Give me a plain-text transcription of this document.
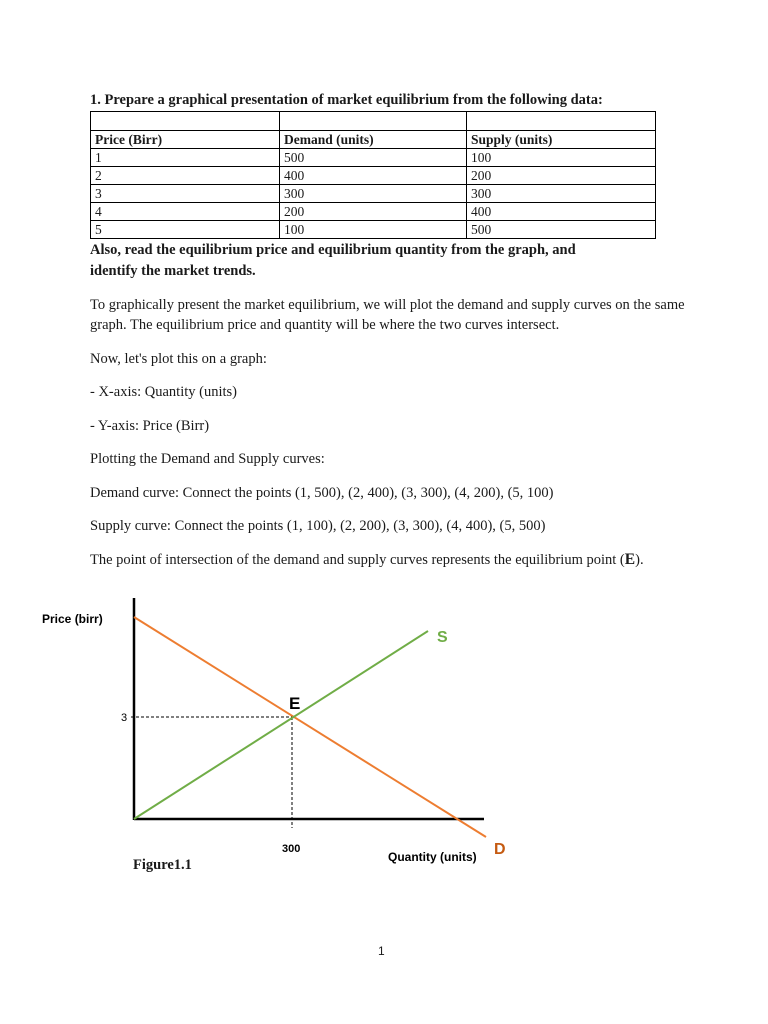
1. Prepare a graphical presentation of market equilibrium from the following data:

Price (Birr)	Demand (units)	Supply (units)
1	500	100
2	400	200
3	300	300
4	200	400
5	100	500
Also, read the equilibrium price and equilibrium quantity from the graph, and
identify the market trends.
To graphically present the market equilibrium, we will plot the demand and supply curves on the same graph. The equilibrium price and quantity will be where the two curves intersect.
Now, let's plot this on a graph:
- X-axis: Quantity (units)
- Y-axis: Price (Birr)
Plotting the Demand and Supply curves:
Demand curve: Connect the points (1, 500), (2, 400), (3, 300), (4, 200), (5, 100)
Supply curve: Connect the points (1, 100), (2, 200), (3, 300), (4, 400), (5, 500)
The point of intersection of the demand and supply curves represents the equilibrium point (E).
Price (birr)
3
E
S
300
Quantity (units) D
Figure1.1
1
